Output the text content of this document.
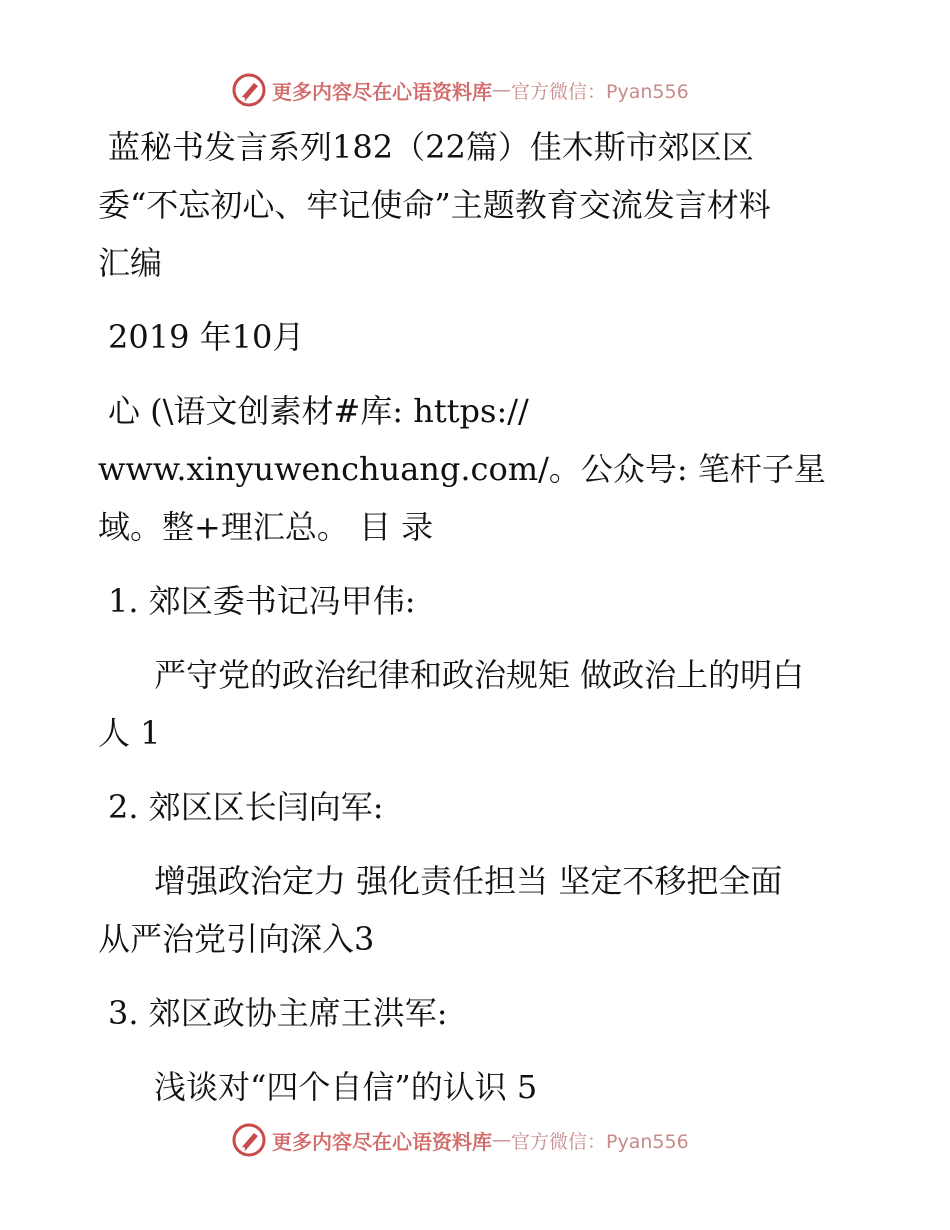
更多内容尽在心语资料库 — 官方微信：Pyan556
蓝秘书发言系列182（22篇）佳木斯市郊区区
委“不忘初心、牢记使命”主题教育交流发言材料
汇编
2019 年10月
心 (\语文创素材#库: https://
www.xinyuwenchuang.com/。公众号: 笔杆子星
域。整+理汇总。 目 录
1. 郊区委书记冯甲伟:
严守党的政治纪律和政治规矩 做政治上的明白
人 1
2. 郊区区长闫向军:
增强政治定力 强化责任担当 坚定不移把全面
从严治党引向深入3
3. 郊区政协主席王洪军:
浅谈对“四个自信”的认识 5
更多内容尽在心语资料库 — 官方微信：Pyan556
